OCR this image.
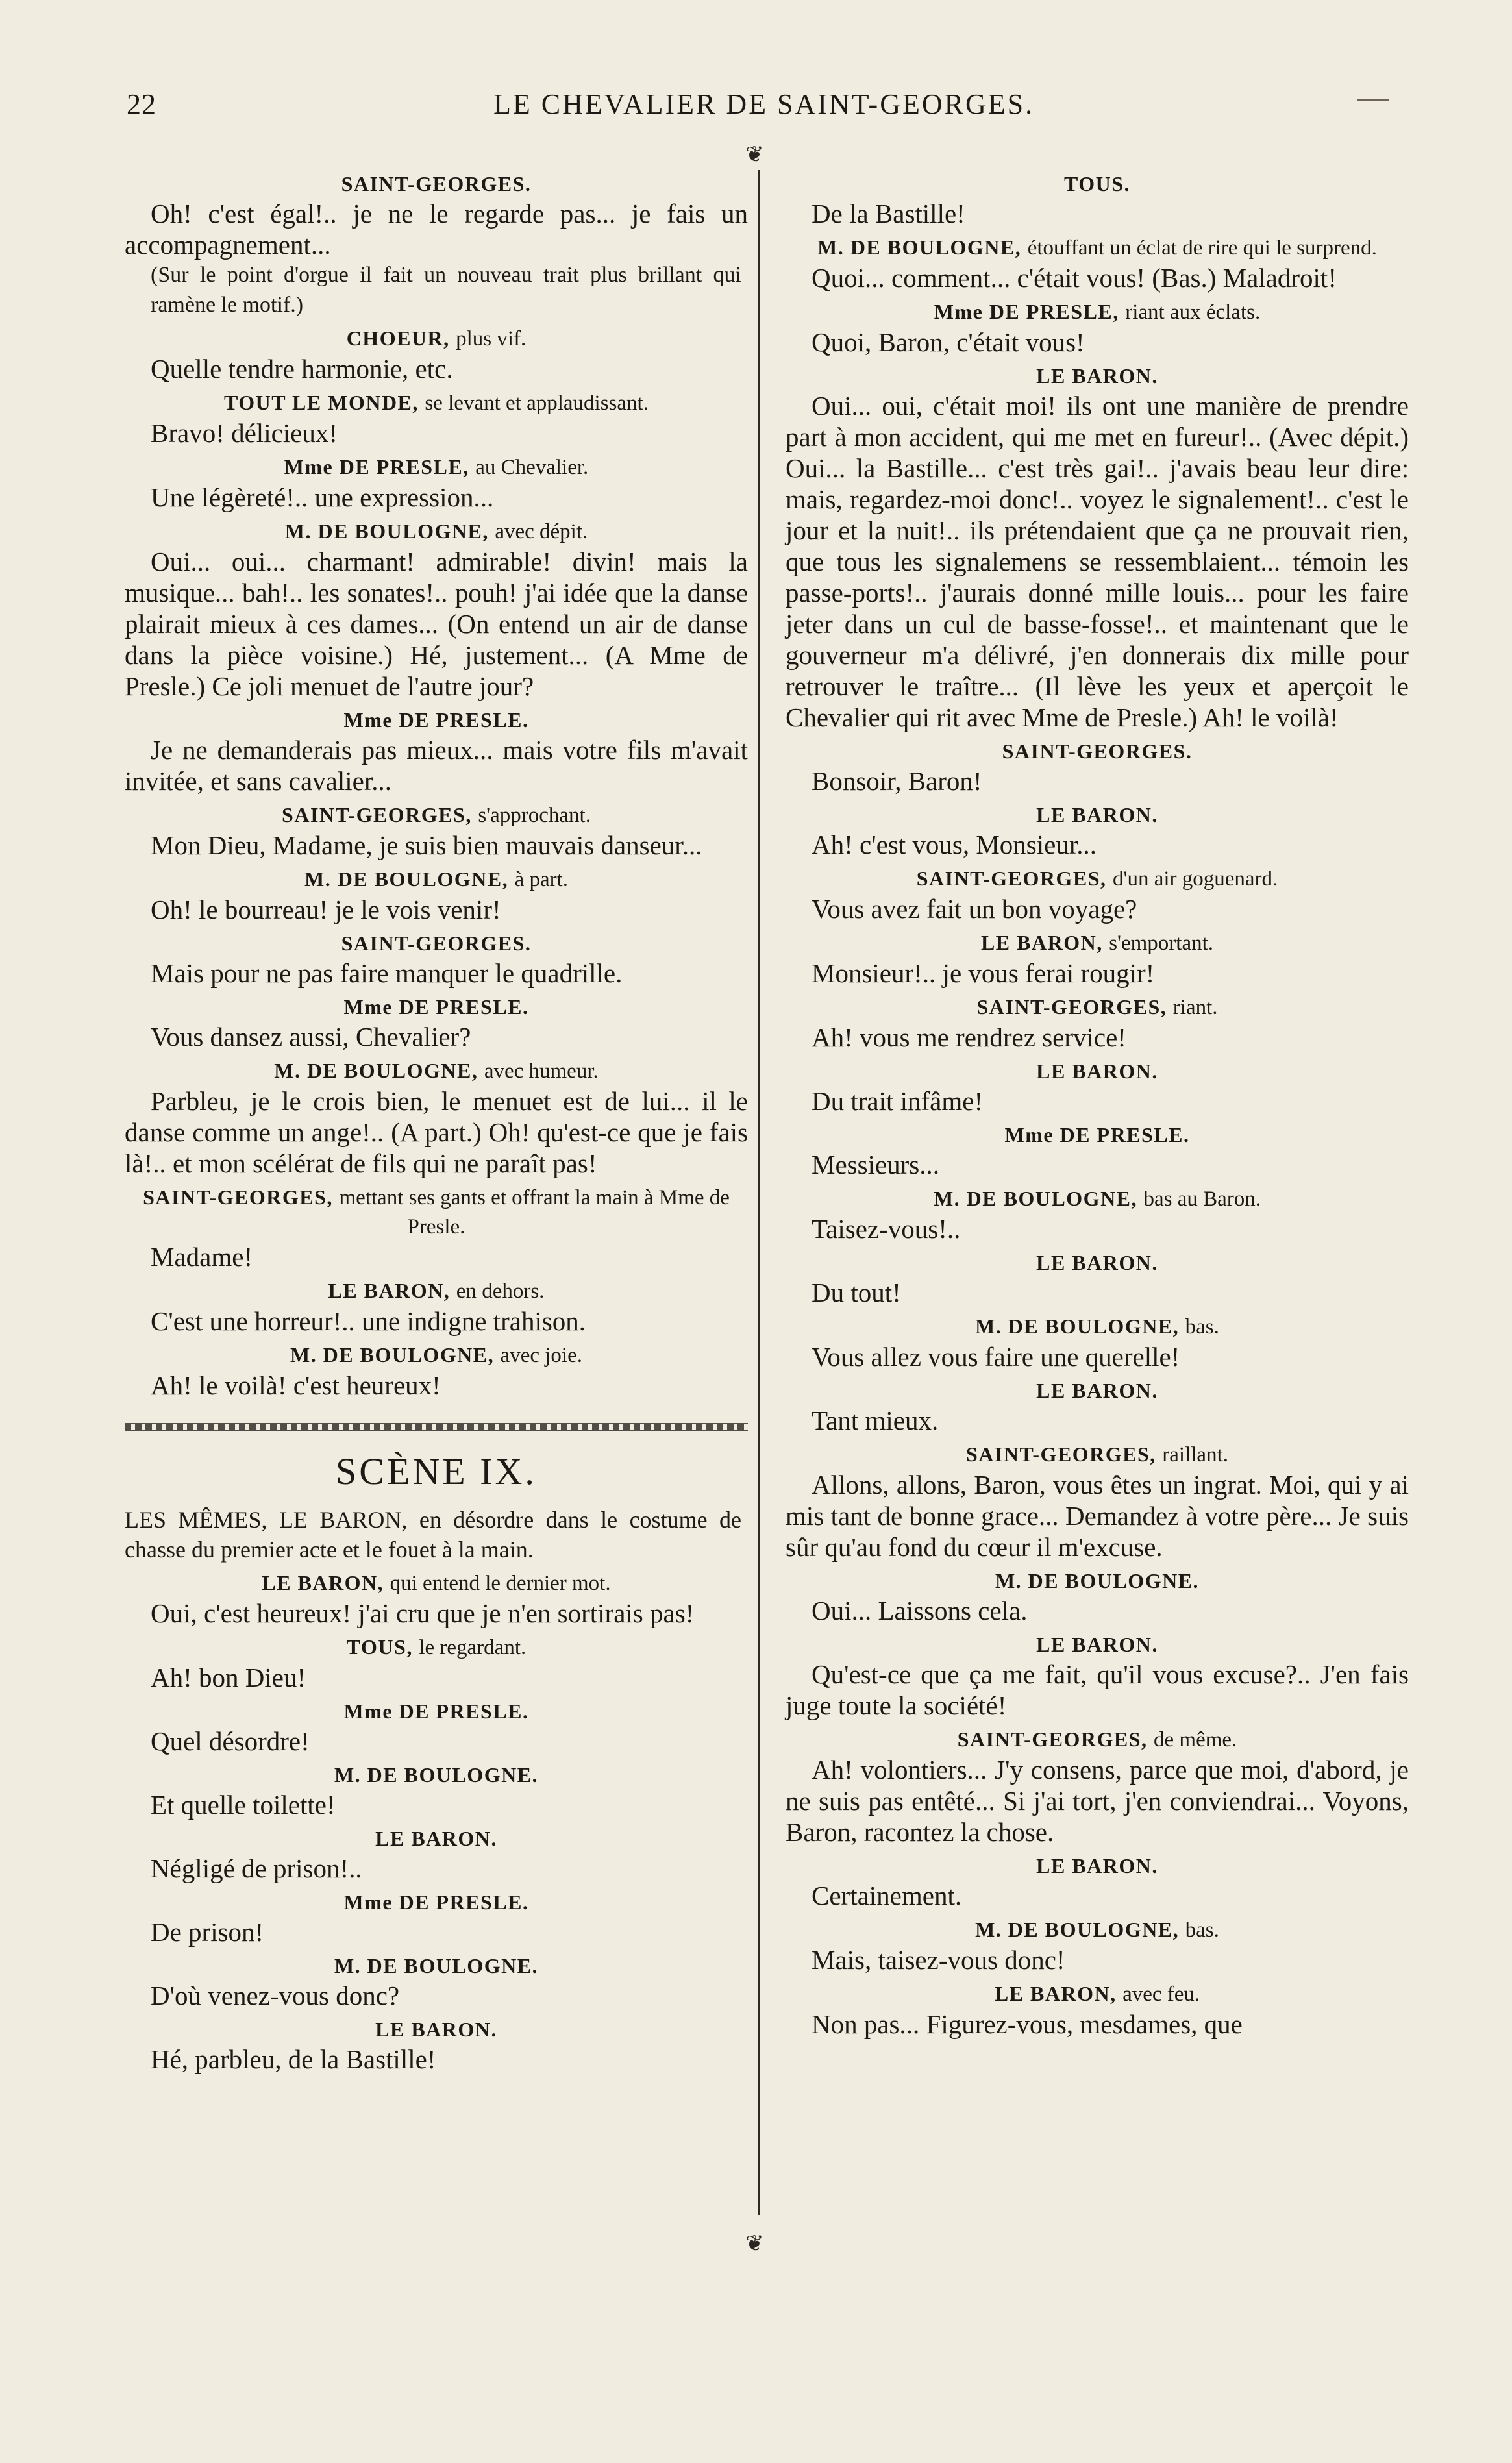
22	LE CHEVALIER DE SAINT-GEORGES.
❦
❦
SAINT-GEORGES.

Oh! c'est égal!.. je ne le regarde pas... je fais un accompagnement...

(Sur le point d'orgue il fait un nouveau trait plus brillant qui ramène le motif.)

CHOEUR, plus vif.

Quelle tendre harmonie, etc.

TOUT LE MONDE, se levant et applaudissant.

Bravo! délicieux!

Mme DE PRESLE, au Chevalier.

Une légèreté!.. une expression...

M. DE BOULOGNE, avec dépit.

Oui... oui... charmant! admirable! divin! mais la musique... bah!.. les sonates!.. pouh! j'ai idée que la danse plairait mieux à ces dames... (On entend un air de danse dans la pièce voisine.) Hé, justement... (A Mme de Presle.) Ce joli menuet de l'autre jour?

Mme DE PRESLE.

Je ne demanderais pas mieux... mais votre fils m'avait invitée, et sans cavalier...

SAINT-GEORGES, s'approchant.

Mon Dieu, Madame, je suis bien mauvais danseur...

M. DE BOULOGNE, à part.

Oh! le bourreau! je le vois venir!

SAINT-GEORGES.

Mais pour ne pas faire manquer le quadrille.

Mme DE PRESLE.

Vous dansez aussi, Chevalier?

M. DE BOULOGNE, avec humeur.

Parbleu, je le crois bien, le menuet est de lui... il le danse comme un ange!.. (A part.) Oh! qu'est-ce que je fais là!.. et mon scélérat de fils qui ne paraît pas!

SAINT-GEORGES, mettant ses gants et offrant la main à Mme de Presle.

Madame!

LE BARON, en dehors.

C'est une horreur!.. une indigne trahison.

M. DE BOULOGNE, avec joie.

Ah! le voilà! c'est heureux!

SCÈNE IX.
LES MÊMES, LE BARON, en désordre dans le costume de chasse du premier acte et le fouet à la main.
LE BARON, qui entend le dernier mot.

Oui, c'est heureux! j'ai cru que je n'en sortirais pas!

TOUS, le regardant.

Ah! bon Dieu!

Mme DE PRESLE.

Quel désordre!

M. DE BOULOGNE.

Et quelle toilette!

LE BARON.

Négligé de prison!..

Mme DE PRESLE.

De prison!

M. DE BOULOGNE.

D'où venez-vous donc?

LE BARON.

Hé, parbleu, de la Bastille!

TOUS.

De la Bastille!

M. DE BOULOGNE, étouffant un éclat de rire qui le surprend.

Quoi... comment... c'était vous! (Bas.) Maladroit!

Mme DE PRESLE, riant aux éclats.

Quoi, Baron, c'était vous!

LE BARON.

Oui... oui, c'était moi! ils ont une manière de prendre part à mon accident, qui me met en fureur!.. (Avec dépit.) Oui... la Bastille... c'est très gai!.. j'avais beau leur dire: mais, regardez-moi donc!.. voyez le signalement!.. c'est le jour et la nuit!.. ils prétendaient que ça ne prouvait rien, que tous les signalemens se ressemblaient... témoin les passe-ports!.. j'aurais donné mille louis... pour les faire jeter dans un cul de basse-fosse!.. et maintenant que le gouverneur m'a délivré, j'en donnerais dix mille pour retrouver le traître... (Il lève les yeux et aperçoit le Chevalier qui rit avec Mme de Presle.) Ah! le voilà!

SAINT-GEORGES.

Bonsoir, Baron!

LE BARON.

Ah! c'est vous, Monsieur...

SAINT-GEORGES, d'un air goguenard.

Vous avez fait un bon voyage?

LE BARON, s'emportant.

Monsieur!.. je vous ferai rougir!

SAINT-GEORGES, riant.

Ah! vous me rendrez service!

LE BARON.

Du trait infâme!

Mme DE PRESLE.

Messieurs...

M. DE BOULOGNE, bas au Baron.

Taisez-vous!..

LE BARON.

Du tout!

M. DE BOULOGNE, bas.

Vous allez vous faire une querelle!

LE BARON.

Tant mieux.

SAINT-GEORGES, raillant.

Allons, allons, Baron, vous êtes un ingrat. Moi, qui y ai mis tant de bonne grace... Demandez à votre père... Je suis sûr qu'au fond du cœur il m'excuse.

M. DE BOULOGNE.

Oui... Laissons cela.

LE BARON.

Qu'est-ce que ça me fait, qu'il vous excuse?.. J'en fais juge toute la société!

SAINT-GEORGES, de même.

Ah! volontiers... J'y consens, parce que moi, d'abord, je ne suis pas entêté... Si j'ai tort, j'en conviendrai... Voyons, Baron, racontez la chose.

LE BARON.

Certainement.

M. DE BOULOGNE, bas.

Mais, taisez-vous donc!

LE BARON, avec feu.

Non pas... Figurez-vous, mesdames, que
